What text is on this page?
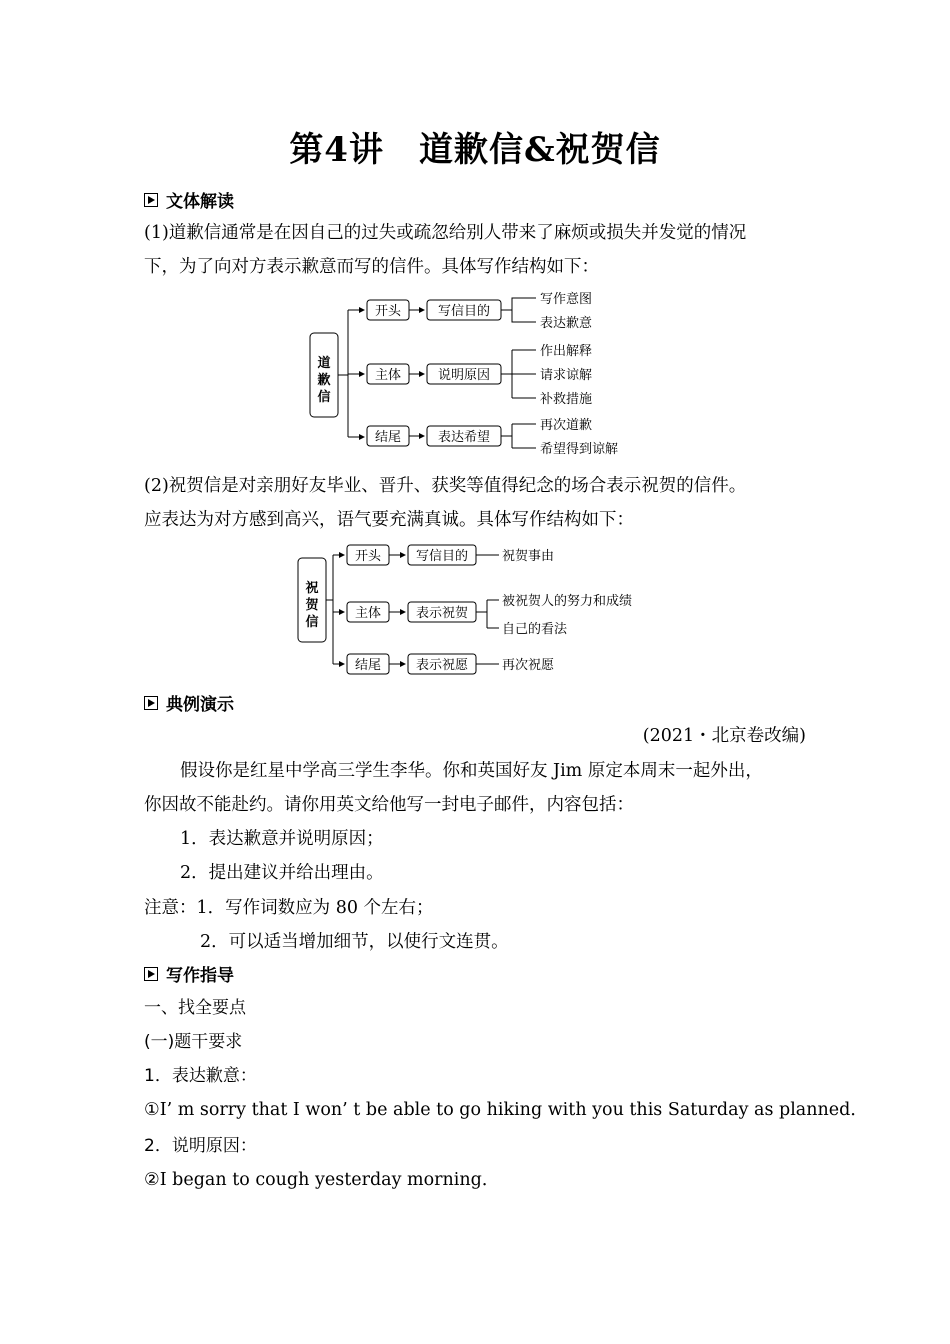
第4讲　道歉信&祝贺信
文体解读
(1)道歉信通常是在因自己的过失或疏忽给别人带来了麻烦或损失并发觉的情况
下，为了向对方表示歉意而写的信件。具体写作结构如下：
道
歉
信
开头
主体
结尾
写信目的
说明原因
表达希望
写作意图
表达歉意
作出解释
请求谅解
补救措施
再次道歉
希望得到谅解
(2)祝贺信是对亲朋好友毕业、晋升、获奖等值得纪念的场合表示祝贺的信件。
应表达为对方感到高兴，语气要充满真诚。具体写作结构如下：
祝
贺
信
开头
主体
结尾
写信目的
表示祝贺
表示祝愿
祝贺事由
被祝贺人的努力和成绩
自己的看法
再次祝愿
典例演示
(2021・北京卷改编)
假设你是红星中学高三学生李华。你和英国好友 Jim 原定本周末一起外出，
你因故不能赴约。请你用英文给他写一封电子邮件，内容包括：
1．表达歉意并说明原因；
2．提出建议并给出理由。
注意：1．写作词数应为 80 个左右；
2．可以适当增加细节，以使行文连贯。
写作指导
一、找全要点
(一)题干要求
1．表达歉意：
①I’ m sorry that I won’ t be able to go hiking with you this Saturday as planned．
2．说明原因：
②I began to cough yesterday morning．
